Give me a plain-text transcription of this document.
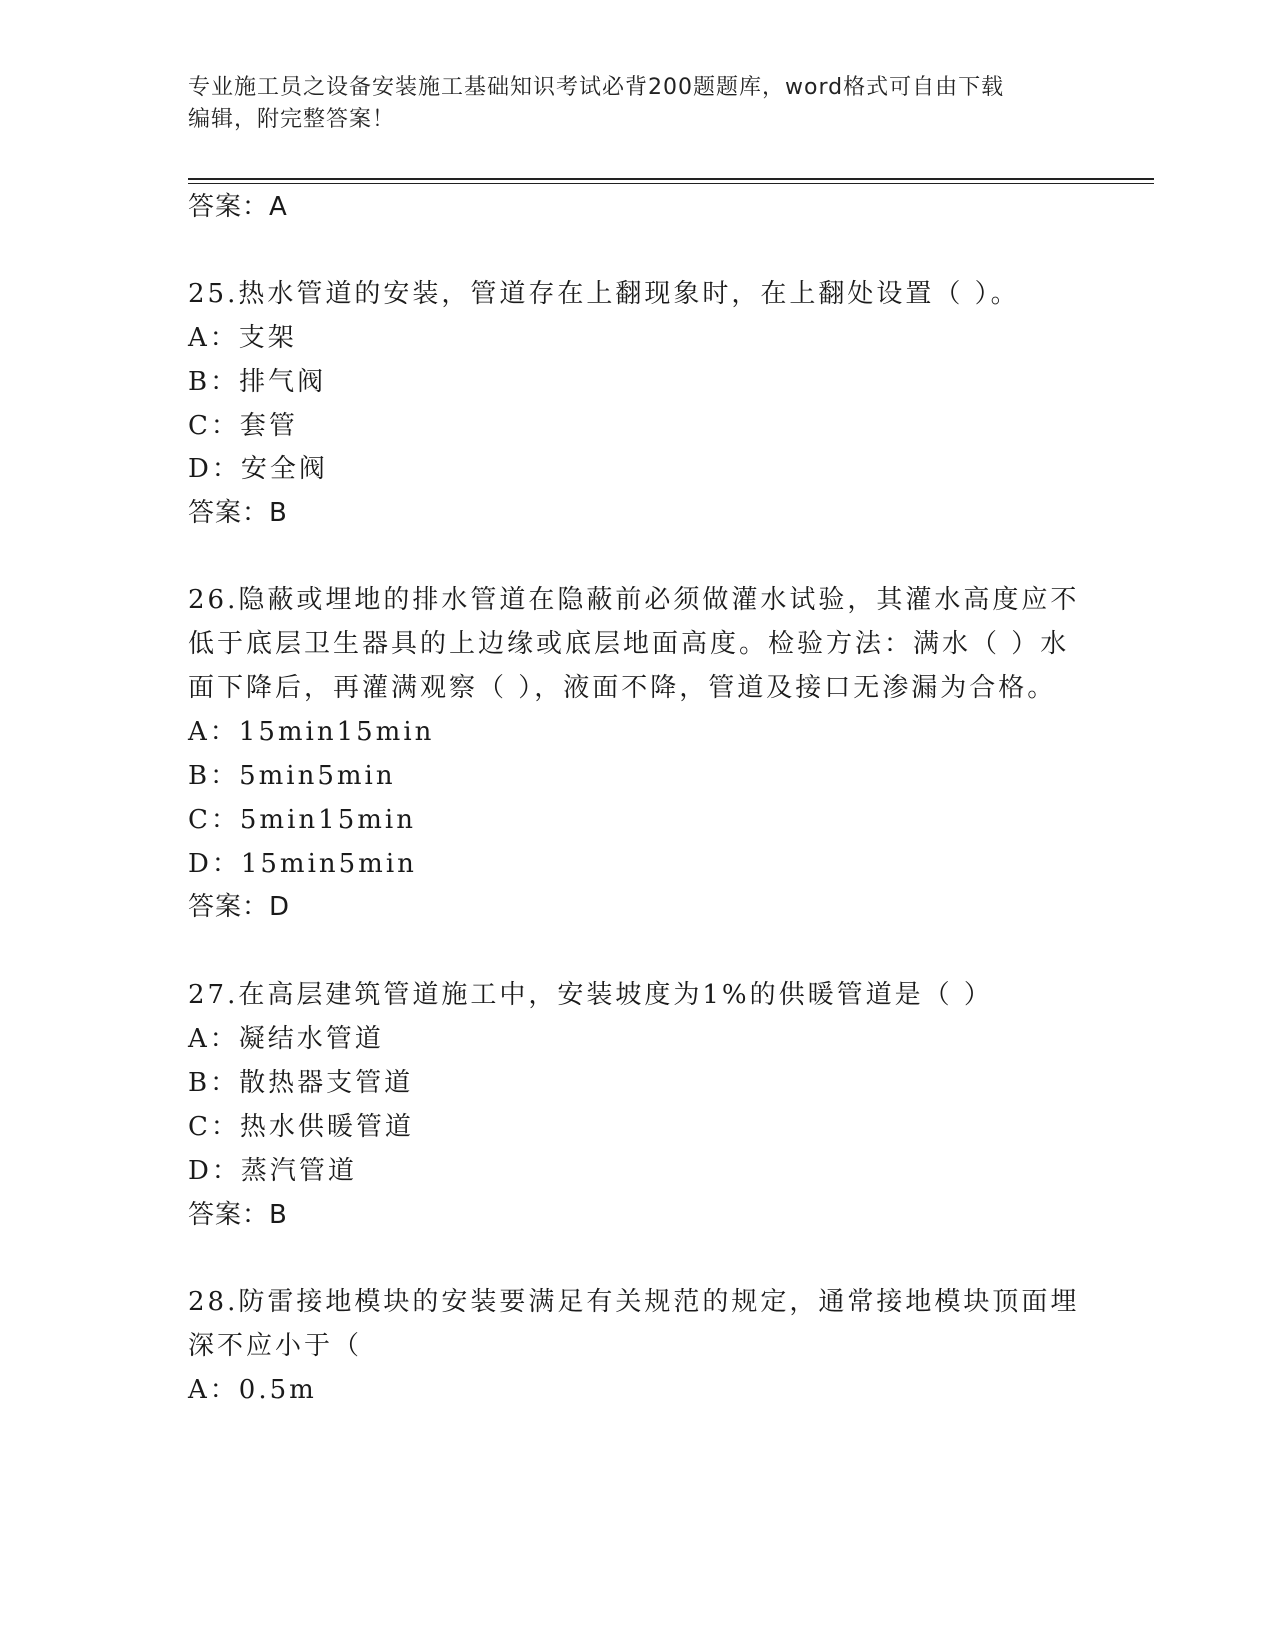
专业施工员之设备安装施工基础知识考试必背200题题库，word格式可自由下载
编辑，附完整答案！
答案：A
25.热水管道的安装，管道存在上翻现象时，在上翻处设置（ ）。
A：支架
B：排气阀
C：套管
D：安全阀
答案：B
26.隐蔽或埋地的排水管道在隐蔽前必须做灌水试验，其灌水高度应不
低于底层卫生器具的上边缘或底层地面高度。检验方法：满水（ ）水
面下降后，再灌满观察（ ），液面不降，管道及接口无渗漏为合格。
A：15min15min
B：5min5min
C：5min15min
D：15min5min
答案：D
27.在高层建筑管道施工中，安装坡度为1%的供暖管道是（ ）
A：凝结水管道
B：散热器支管道
C：热水供暖管道
D：蒸汽管道
答案：B
28.防雷接地模块的安装要满足有关规范的规定，通常接地模块顶面埋
深不应小于（
A：0.5m
